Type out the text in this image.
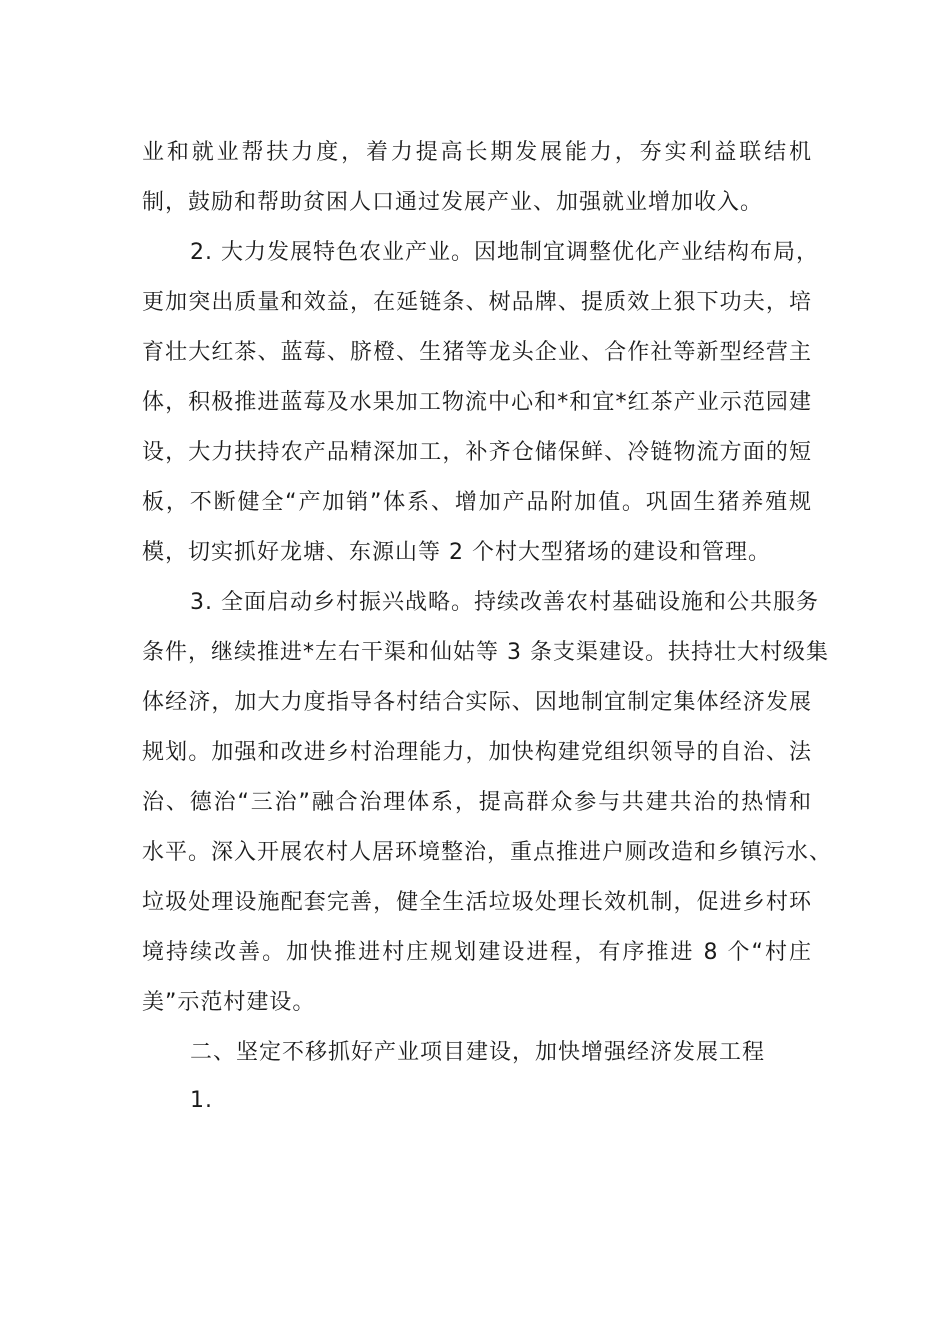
业和就业帮扶力度，着力提高长期发展能力，夯实利益联结机
制，鼓励和帮助贫困人口通过发展产业、加强就业增加收入。
2. 大力发展特色农业产业。因地制宜调整优化产业结构布局，
更加突出质量和效益，在延链条、树品牌、提质效上狠下功夫，培
育壮大红茶、蓝莓、脐橙、生猪等龙头企业、合作社等新型经营主
体，积极推进蓝莓及水果加工物流中心和*和宜*红茶产业示范园建
设，大力扶持农产品精深加工，补齐仓储保鲜、冷链物流方面的短
板，不断健全“产加销”体系、增加产品附加值。巩固生猪养殖规
模，切实抓好龙塘、东源山等 2 个村大型猪场的建设和管理。
3. 全面启动乡村振兴战略。持续改善农村基础设施和公共服务
条件，继续推进*左右干渠和仙姑等 3 条支渠建设。扶持壮大村级集
体经济，加大力度指导各村结合实际、因地制宜制定集体经济发展
规划。加强和改进乡村治理能力，加快构建党组织领导的自治、法
治、德治“三治”融合治理体系，提高群众参与共建共治的热情和
水平。深入开展农村人居环境整治，重点推进户厕改造和乡镇污水、
垃圾处理设施配套完善，健全生活垃圾处理长效机制，促进乡村环
境持续改善。加快推进村庄规划建设进程，有序推进 8 个“村庄
美”示范村建设。
二、坚定不移抓好产业项目建设，加快增强经济发展工程
1.
